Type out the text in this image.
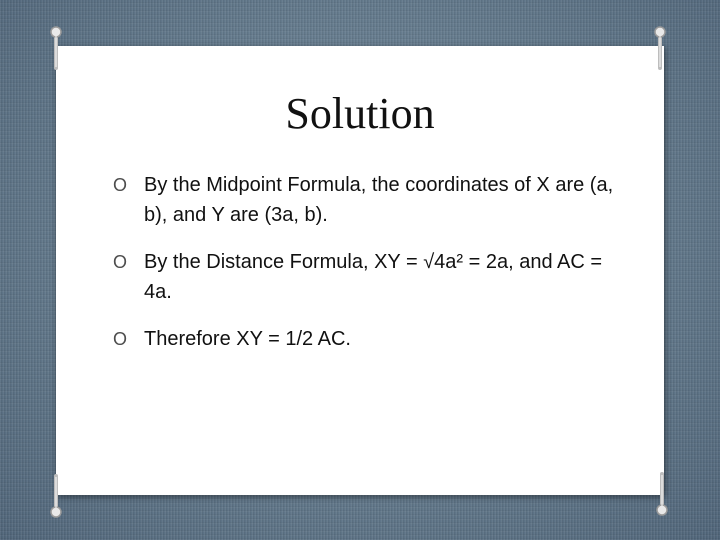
Solution
O By the Midpoint Formula, the coordinates of X are (a, b), and Y are (3a, b).
O By the Distance Formula, XY = √4a² = 2a, and AC = 4a.
O Therefore XY = 1/2 AC.
